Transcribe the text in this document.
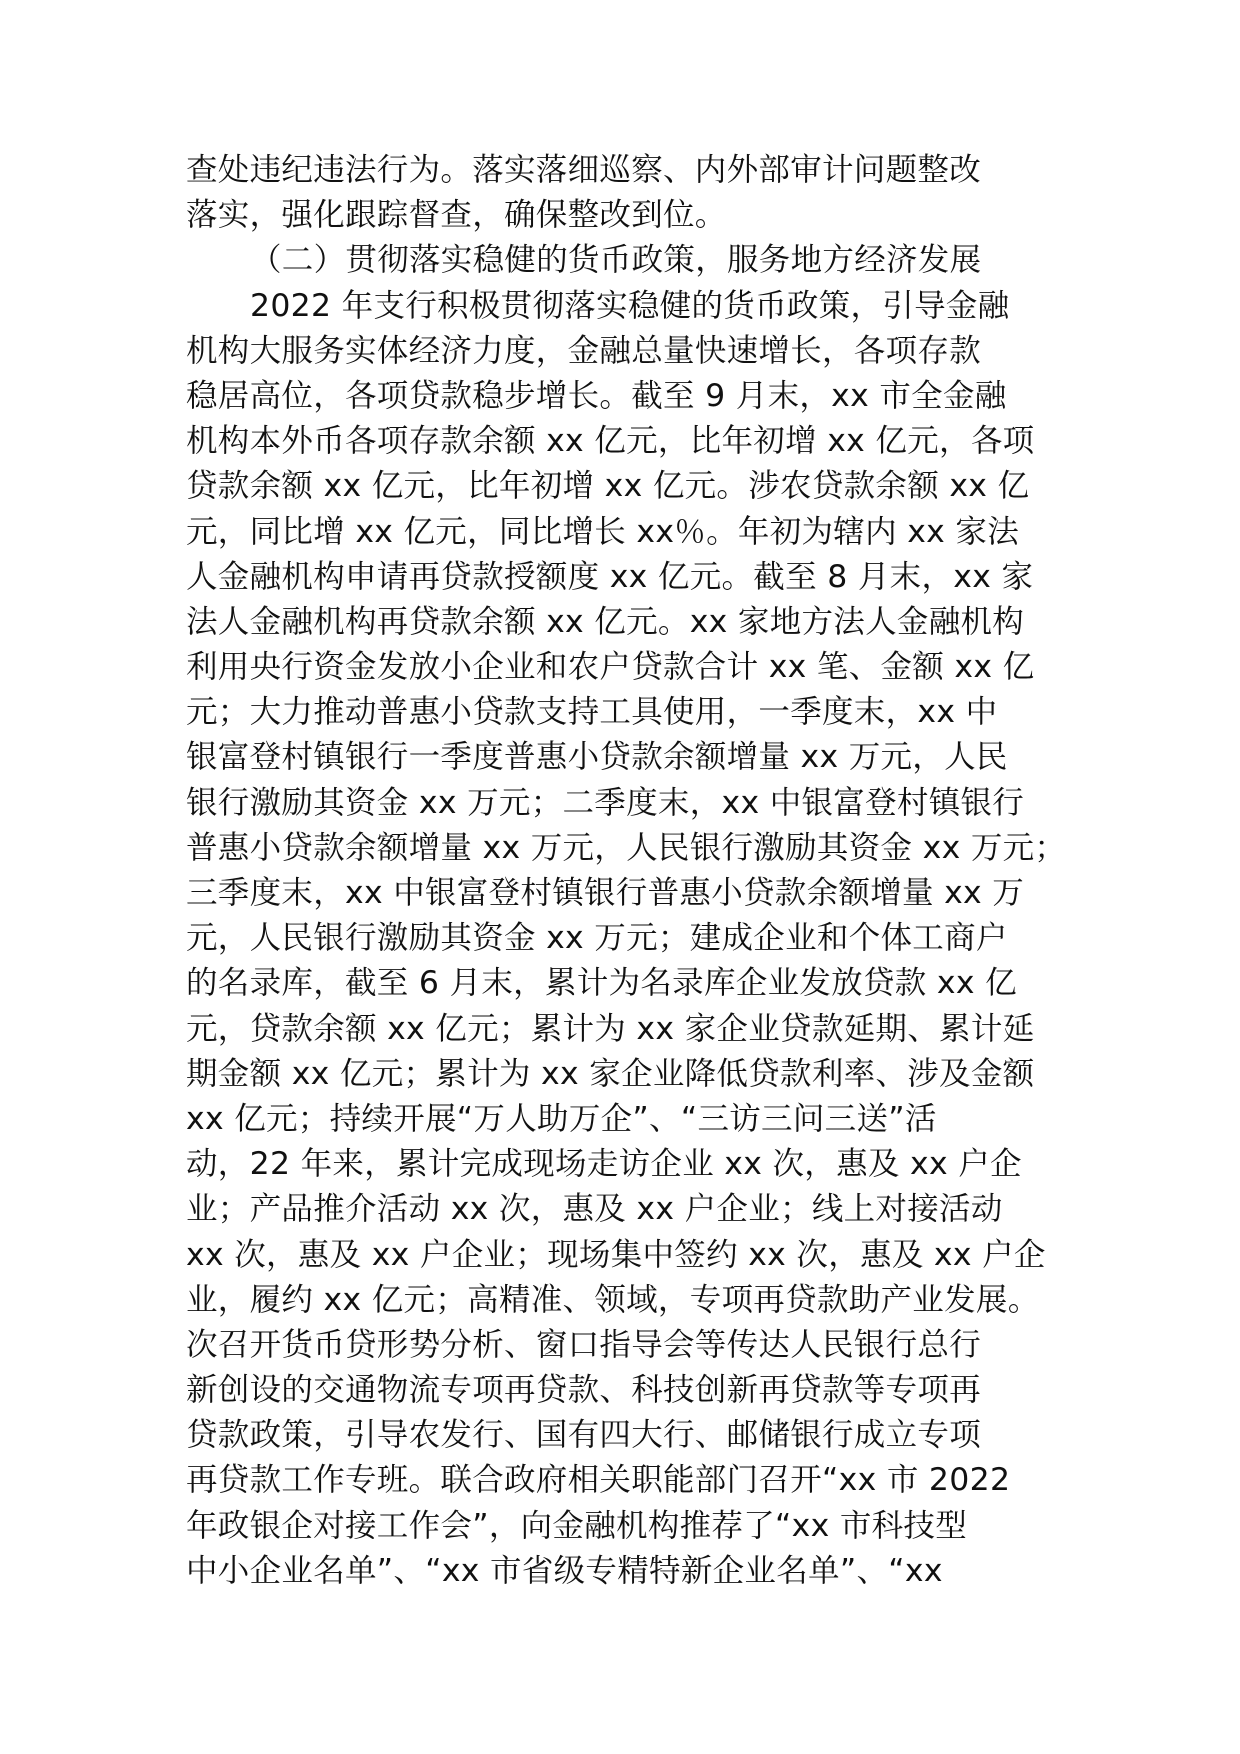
查处违纪违法行为。落实落细巡察、内外部审计问题整改
落实，强化跟踪督查，确保整改到位。
（二）贯彻落实稳健的货币政策，服务地方经济发展
2022 年支行积极贯彻落实稳健的货币政策，引导金融
机构大服务实体经济力度，金融总量快速增长，各项存款
稳居高位，各项贷款稳步增长。截至 9 月末，xx 市全金融
机构本外币各项存款余额 xx 亿元，比年初增 xx 亿元，各项
贷款余额 xx 亿元，比年初增 xx 亿元。涉农贷款余额 xx 亿
元，同比增 xx 亿元，同比增长 xx％。年初为辖内 xx 家法
人金融机构申请再贷款授额度 xx 亿元。截至 8 月末，xx 家
法人金融机构再贷款余额 xx 亿元。xx 家地方法人金融机构
利用央行资金发放小企业和农户贷款合计 xx 笔、金额 xx 亿
元；大力推动普惠小贷款支持工具使用，一季度末，xx 中
银富登村镇银行一季度普惠小贷款余额增量 xx 万元，人民
银行激励其资金 xx 万元；二季度末，xx 中银富登村镇银行
普惠小贷款余额增量 xx 万元，人民银行激励其资金 xx 万元；
三季度末，xx 中银富登村镇银行普惠小贷款余额增量 xx 万
元，人民银行激励其资金 xx 万元；建成企业和个体工商户
的名录库，截至 6 月末，累计为名录库企业发放贷款 xx 亿
元，贷款余额 xx 亿元；累计为 xx 家企业贷款延期、累计延
期金额 xx 亿元；累计为 xx 家企业降低贷款利率、涉及金额
xx 亿元；持续开展“万人助万企”、“三访三问三送”活
动，22 年来，累计完成现场走访企业 xx 次，惠及 xx 户企
业；产品推介活动 xx 次，惠及 xx 户企业；线上对接活动
xx 次，惠及 xx 户企业；现场集中签约 xx 次，惠及 xx 户企
业，履约 xx 亿元；高精准、领域，专项再贷款助产业发展。
次召开货币贷形势分析、窗口指导会等传达人民银行总行
新创设的交通物流专项再贷款、科技创新再贷款等专项再
贷款政策，引导农发行、国有四大行、邮储银行成立专项
再贷款工作专班。联合政府相关职能部门召开“xx 市 2022
年政银企对接工作会”，向金融机构推荐了“xx 市科技型
中小企业名单”、“xx 市省级专精特新企业名单”、“xx
